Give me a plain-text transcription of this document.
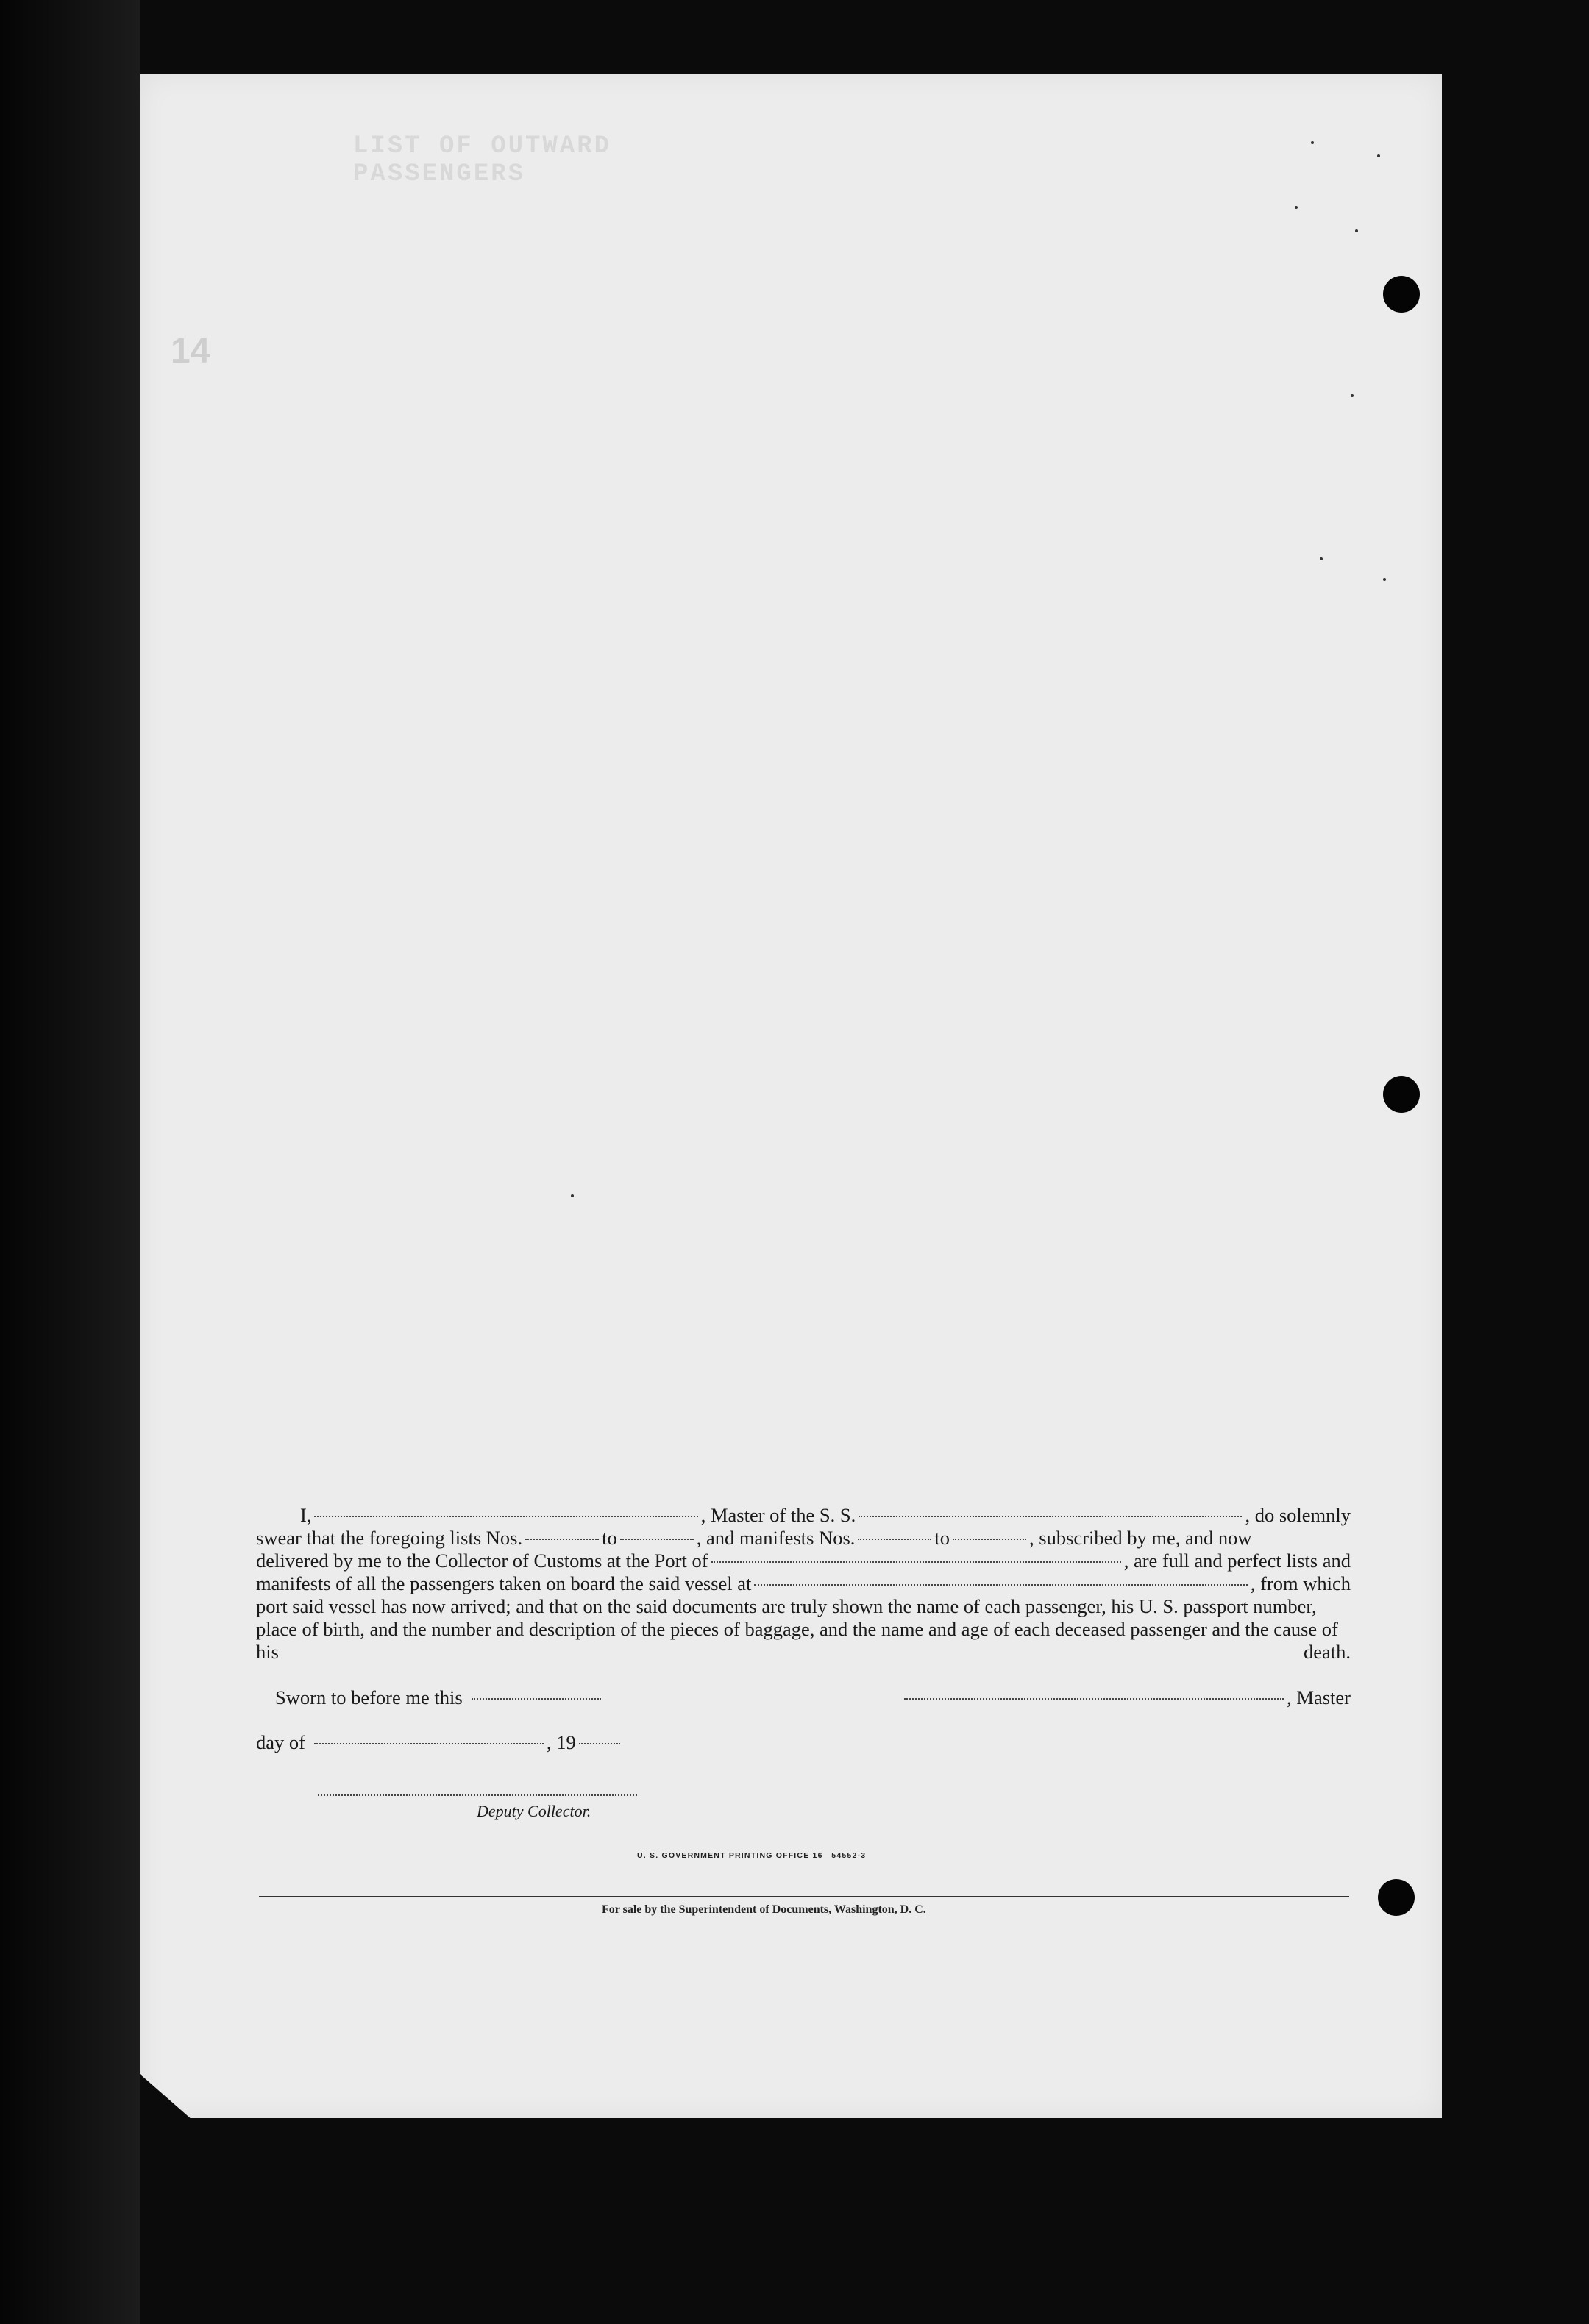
LIST OF OUTWARD PASSENGERS
14
I,	, Master of the S. S.	, do solemnly
swear that the foregoing lists Nos.	to	, and manifests Nos.	to	, subscribed by me, and now
delivered by me to the Collector of Customs at the Port of	, are full and perfect lists and
manifests of all the passengers taken on board the said vessel at	, from which
port said vessel has now arrived; and that on the said documents are truly shown the name of each passenger, his U. S. passport number, place of birth, and the number and description of the pieces of baggage, and the name and age of each deceased passenger and the cause of his death.
Sworn to before me this	, Master
day of	, 19
Deputy Collector.
U. S. GOVERNMENT PRINTING OFFICE 16—54552-3
For sale by the Superintendent of Documents, Washington, D. C.
